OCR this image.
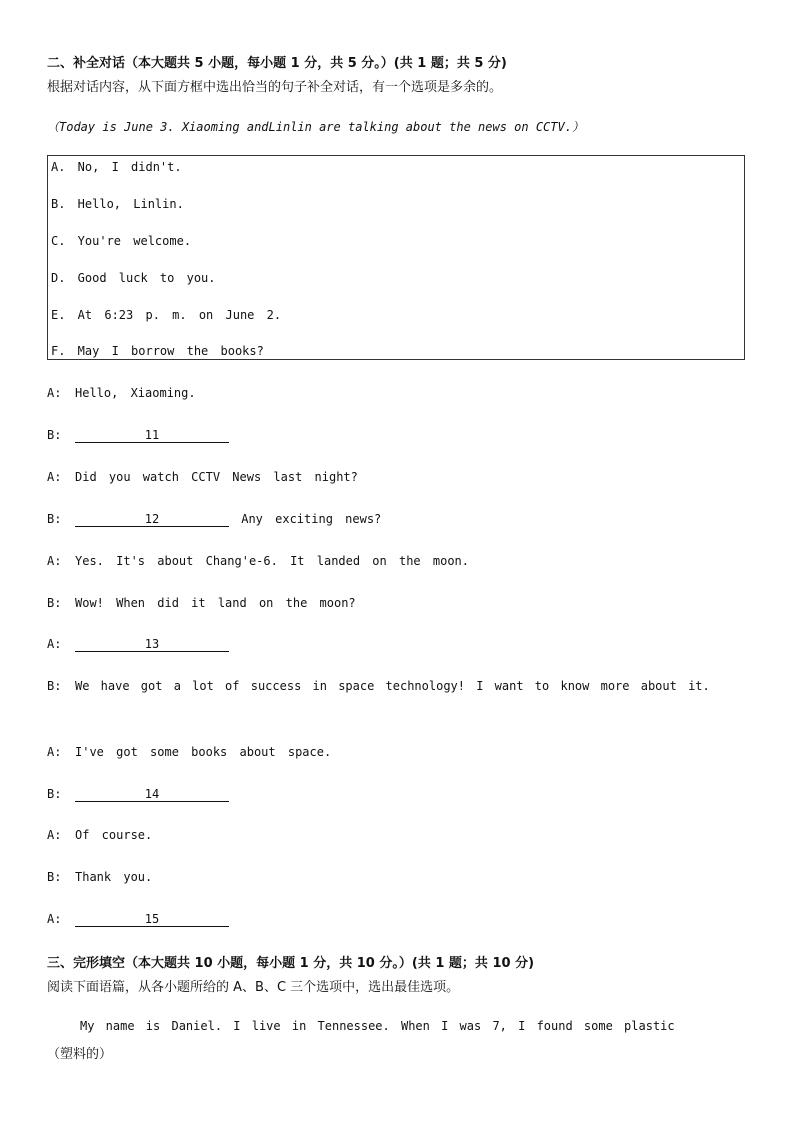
二、补全对话（本大题共 5 小题，每小题 1 分，共 5 分。）(共 1 题；共 5 分)
根据对话内容，从下面方框中选出恰当的句子补全对话，有一个选项是多余的。
（Today is June 3. Xiaoming andLinlin are talking about the news on CCTV.）
A. No, I didn't.
B. Hello, Linlin.
C. You're welcome.
D. Good luck to you.
E. At 6:23 p. m. on June 2.
F. May I borrow the books?
A: Hello, Xiaoming.
B:	11
A: Did you watch CCTV News last night?
B:	12	Any exciting news?
A: Yes. It's about Chang'e-6. It landed on the moon.
B: Wow! When did it land on the moon?
A:	13
B: We have got a lot of success in space technology! I want to know more about it.
A: I've got some books about space.
B:	14
A: Of course.
B: Thank you.
A:	15
三、完形填空（本大题共 10 小题，每小题 1 分，共 10 分。）(共 1 题；共 10 分)
阅读下面语篇，从各小题所给的 A、B、C 三个选项中，选出最佳选项。
My name is Daniel. I live in Tennessee. When I was 7, I found some plastic
（塑料的）
